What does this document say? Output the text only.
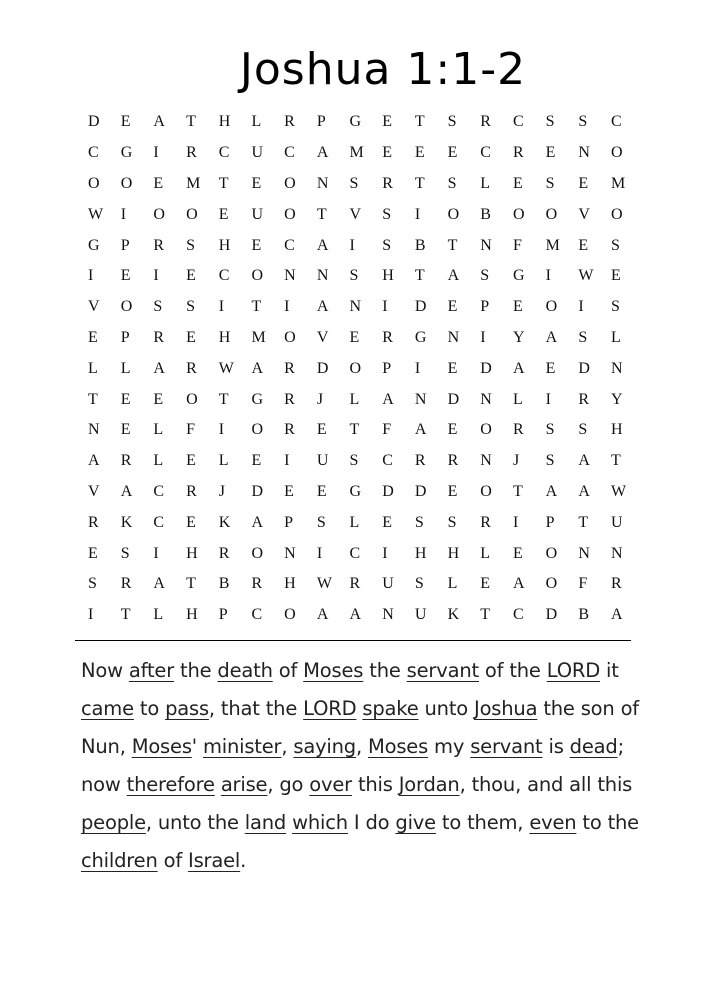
Joshua 1:1-2
D	E	A	T	H	L	R	P	G	E	T	S	R	C	S	S	C
C	G	I	R	C	U	C	A	M	E	E	E	C	R	E	N	O
O	O	E	M	T	E	O	N	S	R	T	S	L	E	S	E	M
W	I	O	O	E	U	O	T	V	S	I	O	B	O	O	V	O
G	P	R	S	H	E	C	A	I	S	B	T	N	F	M	E	S
I	E	I	E	C	O	N	N	S	H	T	A	S	G	I	W	E
V	O	S	S	I	T	I	A	N	I	D	E	P	E	O	I	S
E	P	R	E	H	M	O	V	E	R	G	N	I	Y	A	S	L
L	L	A	R	W	A	R	D	O	P	I	E	D	A	E	D	N
T	E	E	O	T	G	R	J	L	A	N	D	N	L	I	R	Y
N	E	L	F	I	O	R	E	T	F	A	E	O	R	S	S	H
A	R	L	E	L	E	I	U	S	C	R	R	N	J	S	A	T
V	A	C	R	J	D	E	E	G	D	D	E	O	T	A	A	W
R	K	C	E	K	A	P	S	L	E	S	S	R	I	P	T	U
E	S	I	H	R	O	N	I	C	I	H	H	L	E	O	N	N
S	R	A	T	B	R	H	W	R	U	S	L	E	A	O	F	R
I	T	L	H	P	C	O	A	A	N	U	K	T	C	D	B	A

Now after the death of Moses the servant of the LORD it came to pass, that the LORD spake unto Joshua the son of Nun, Moses' minister, saying, Moses my servant is dead; now therefore arise, go over this Jordan, thou, and all this people, unto the land which I do give to them, even to the children of Israel.
